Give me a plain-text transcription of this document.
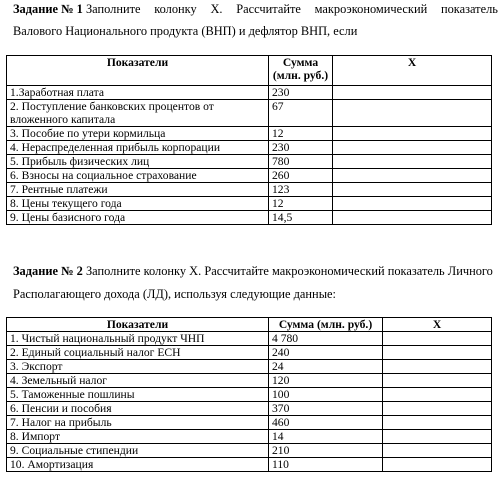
Задание № 1 Заполните колонку Х. Рассчитайте макроэкономический показатель

Валового Национального продукта (ВНП) и дефлятор ВНП, если

Показатели	Сумма (млн. руб.)	X
1.Заработная плата	230	
2. Поступление банковских процентов от вложенного капитала	67	
3. Пособие по утери кормильца	12	
4. Нераспределенная прибыль корпорации	230	
5. Прибыль физических лиц	780	
6. Взносы на социальное страхование	260	
7. Рентные платежи	123	
8. Цены текущего года	12	
9. Цены базисного года	14,5	

Задание № 2 Заполните колонку Х. Рассчитайте макроэкономический показатель Личного

Располагающего дохода (ЛД), используя следующие данные:

Показатели	Сумма (млн. руб.)	X
1. Чистый национальный продукт ЧНП	4 780	
2. Единый социальный налог ЕСН	240	
3. Экспорт	24	
4. Земельный налог	120	
5. Таможенные пошлины	100	
6. Пенсии и пособия	370	
7. Налог на прибыль	460	
8. Импорт	14	
9. Социальные стипендии	210	
10. Амортизация	110	
